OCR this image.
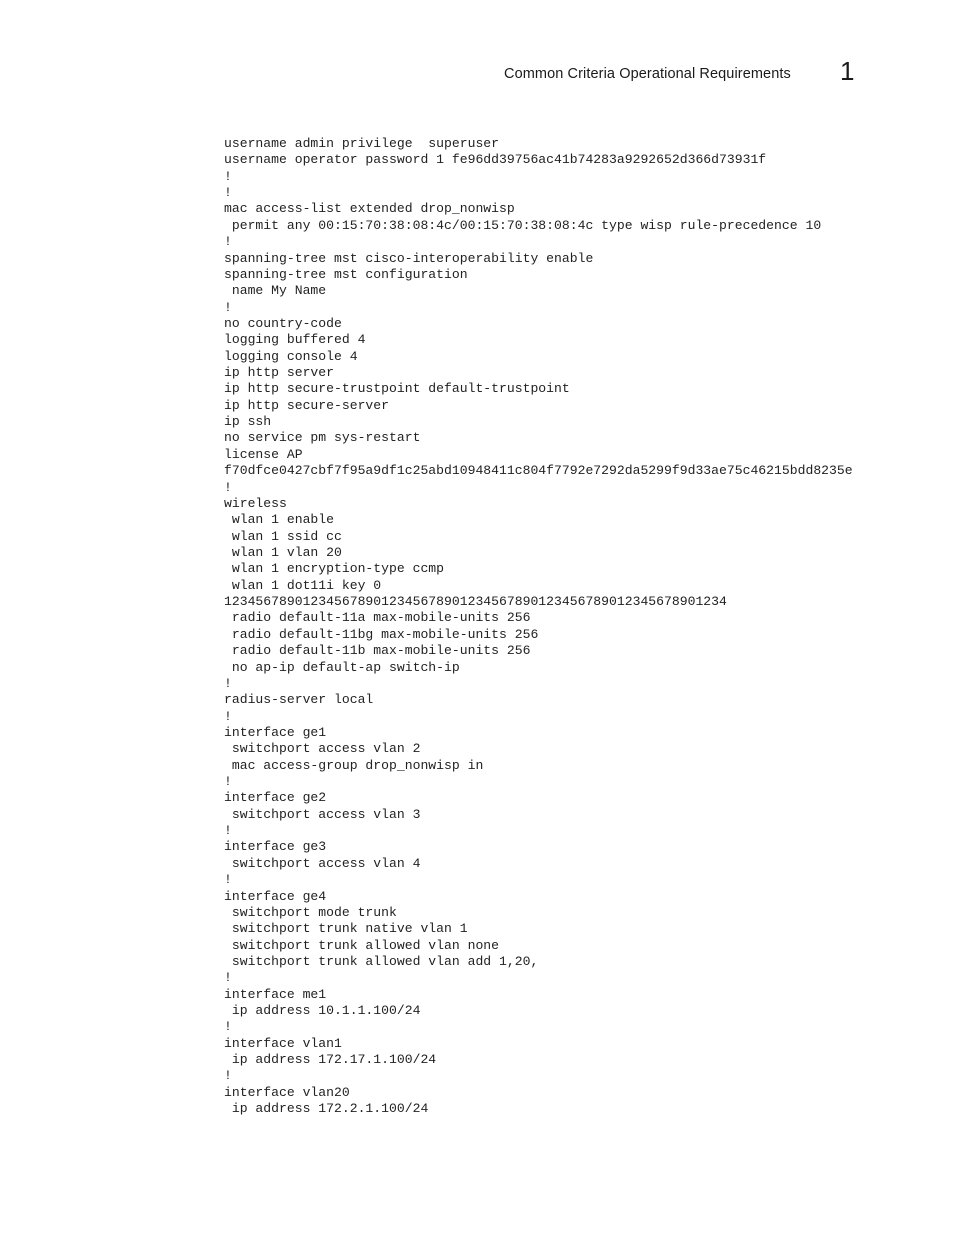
Common Criteria Operational Requirements 1
username admin privilege  superuser
username operator password 1 fe96dd39756ac41b74283a9292652d366d73931f
!
!
mac access-list extended drop_nonwisp
permit any 00:15:70:38:08:4c/00:15:70:38:08:4c type wisp rule-precedence 10
!
spanning-tree mst cisco-interoperability enable
spanning-tree mst configuration
name My Name
!
no country-code
logging buffered 4
logging console 4
ip http server
ip http secure-trustpoint default-trustpoint
ip http secure-server
ip ssh
no service pm sys-restart
license AP
f70dfce0427cbf7f95a9df1c25abd10948411c804f7792e7292da5299f9d33ae75c46215bdd8235e
!
wireless
wlan 1 enable
wlan 1 ssid cc
wlan 1 vlan 20
wlan 1 encryption-type ccmp
wlan 1 dot11i key 0
1234567890123456789012345678901234567890123456789012345678901234
radio default-11a max-mobile-units 256
radio default-11bg max-mobile-units 256
radio default-11b max-mobile-units 256
no ap-ip default-ap switch-ip
!
radius-server local
!
interface ge1
switchport access vlan 2
mac access-group drop_nonwisp in
!
interface ge2
switchport access vlan 3
!
interface ge3
switchport access vlan 4
!
interface ge4
switchport mode trunk
switchport trunk native vlan 1
switchport trunk allowed vlan none
switchport trunk allowed vlan add 1,20,
!
interface me1
ip address 10.1.1.100/24
!
interface vlan1
ip address 172.17.1.100/24
!
interface vlan20
ip address 172.2.1.100/24
